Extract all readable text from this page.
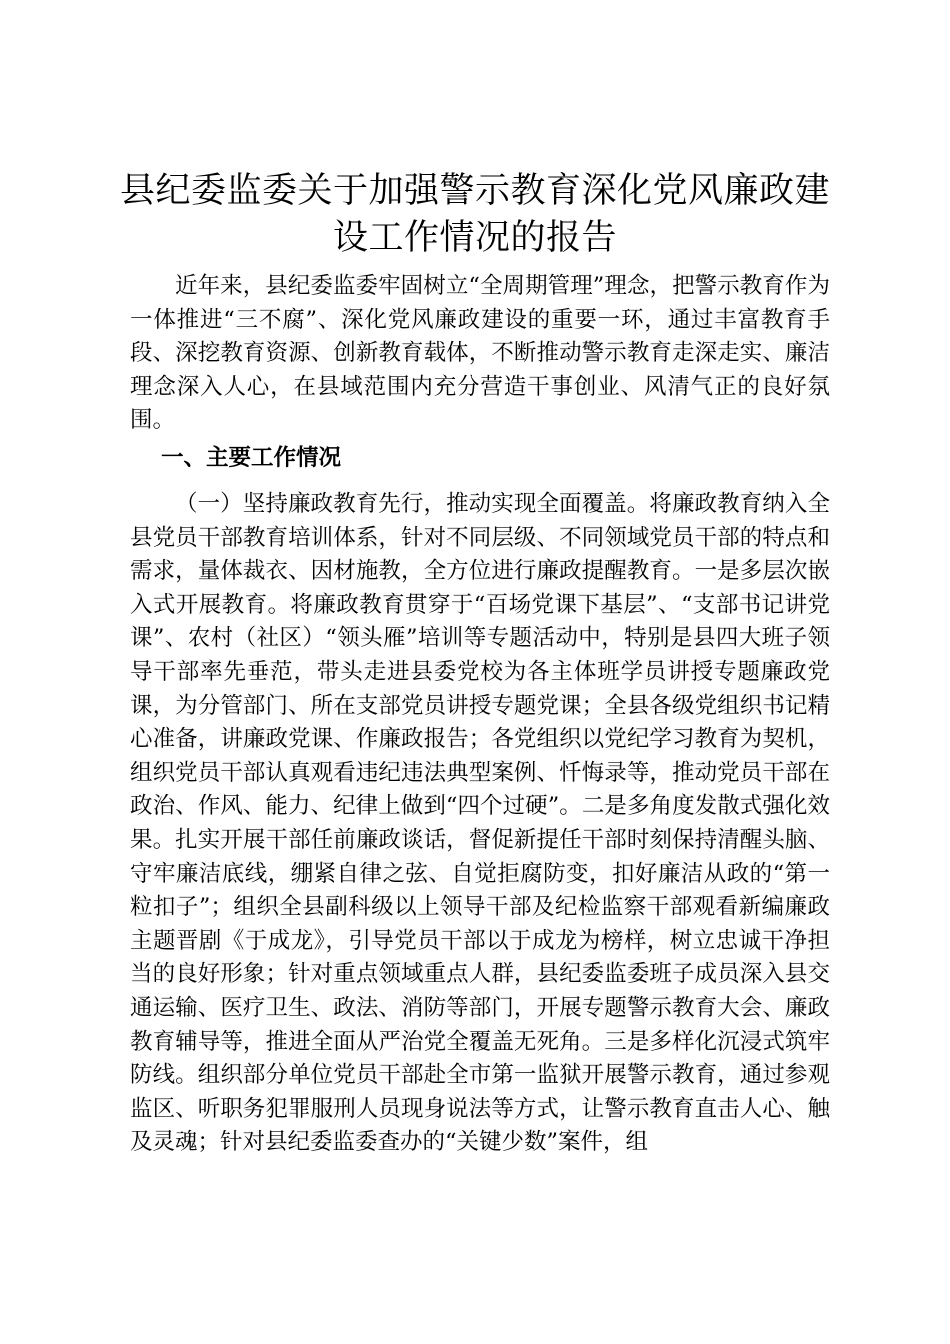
县纪委监委关于加强警示教育深化党风廉政建
设工作情况的报告

近年来，县纪委监委牢固树立“全周期管理”理念，把警示教育作为一体推进“三不腐”、深化党风廉政建设的重要一环，通过丰富教育手段、深挖教育资源、创新教育载体，不断推动警示教育走深走实、廉洁理念深入人心，在县域范围内充分营造干事创业、风清气正的良好氛围。

一、主要工作情况

（一）坚持廉政教育先行，推动实现全面覆盖。将廉政教育纳入全县党员干部教育培训体系，针对不同层级、不同领域党员干部的特点和需求，量体裁衣、因材施教，全方位进行廉政提醒教育。一是多层次嵌入式开展教育。将廉政教育贯穿于“百场党课下基层”、“支部书记讲党课”、农村（社区）“领头雁”培训等专题活动中，特别是县四大班子领导干部率先垂范，带头走进县委党校为各主体班学员讲授专题廉政党课，为分管部门、所在支部党员讲授专题党课；全县各级党组织书记精心准备，讲廉政党课、作廉政报告；各党组织以党纪学习教育为契机，组织党员干部认真观看违纪违法典型案例、忏悔录等，推动党员干部在政治、作风、能力、纪律上做到“四个过硬”。二是多角度发散式强化效果。扎实开展干部任前廉政谈话，督促新提任干部时刻保持清醒头脑、守牢廉洁底线，绷紧自律之弦、自觉拒腐防变，扣好廉洁从政的“第一粒扣子”；组织全县副科级以上领导干部及纪检监察干部观看新编廉政主题晋剧《于成龙》，引导党员干部以于成龙为榜样，树立忠诚干净担当的良好形象；针对重点领域重点人群，县纪委监委班子成员深入县交通运输、医疗卫生、政法、消防等部门，开展专题警示教育大会、廉政教育辅导等，推进全面从严治党全覆盖无死角。三是多样化沉浸式筑牢防线。组织部分单位党员干部赴全市第一监狱开展警示教育，通过参观监区、听职务犯罪服刑人员现身说法等方式，让警示教育直击人心、触及灵魂；针对县纪委监委查办的“关键少数”案件，组
